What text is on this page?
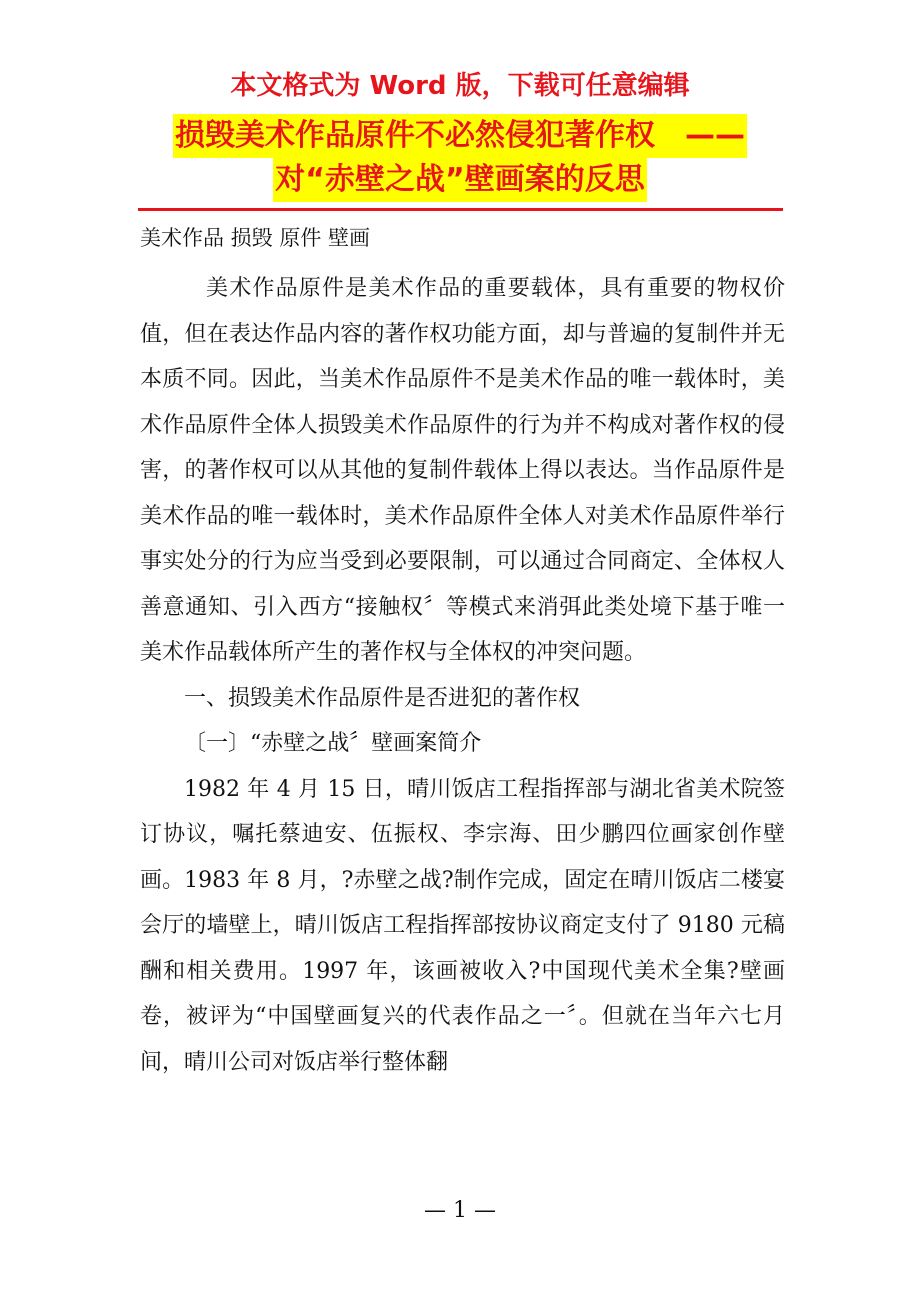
本文格式为 Word 版，下载可任意编辑
损毁美术作品原件不必然侵犯著作权　——
对“赤壁之战”壁画案的反思
美术作品 损毁 原件 壁画

美术作品原件是美术作品的重要载体，具有重要的物权价值，但在表达作品内容的著作权功能方面，却与普遍的复制件并无本质不同。因此，当美术作品原件不是美术作品的唯一载体时，美术作品原件全体人损毁美术作品原件的行为并不构成对著作权的侵害，的著作权可以从其他的复制件载体上得以表达。当作品原件是美术作品的唯一载体时，美术作品原件全体人对美术作品原件举行事实处分的行为应当受到必要限制，可以通过合同商定、全体权人善意通知、引入西方“接触权〞等模式来消弭此类处境下基于唯一美术作品载体所产生的著作权与全体权的冲突问题。

一、损毁美术作品原件是否进犯的著作权

〔一〕“赤壁之战〞壁画案简介

1982 年 4 月 15 日，晴川饭店工程指挥部与湖北省美术院签订协议，嘱托蔡迪安、伍振权、李宗海、田少鹏四位画家创作壁画。1983 年 8 月，?赤壁之战?制作完成，固定在晴川饭店二楼宴会厅的墙壁上，晴川饭店工程指挥部按协议商定支付了 9180 元稿酬和相关费用。1997 年，该画被收入?中国现代美术全集?壁画卷，被评为“中国壁画复兴的代表作品之一〞。但就在当年六七月间，晴川公司对饭店举行整体翻

— 1 —
